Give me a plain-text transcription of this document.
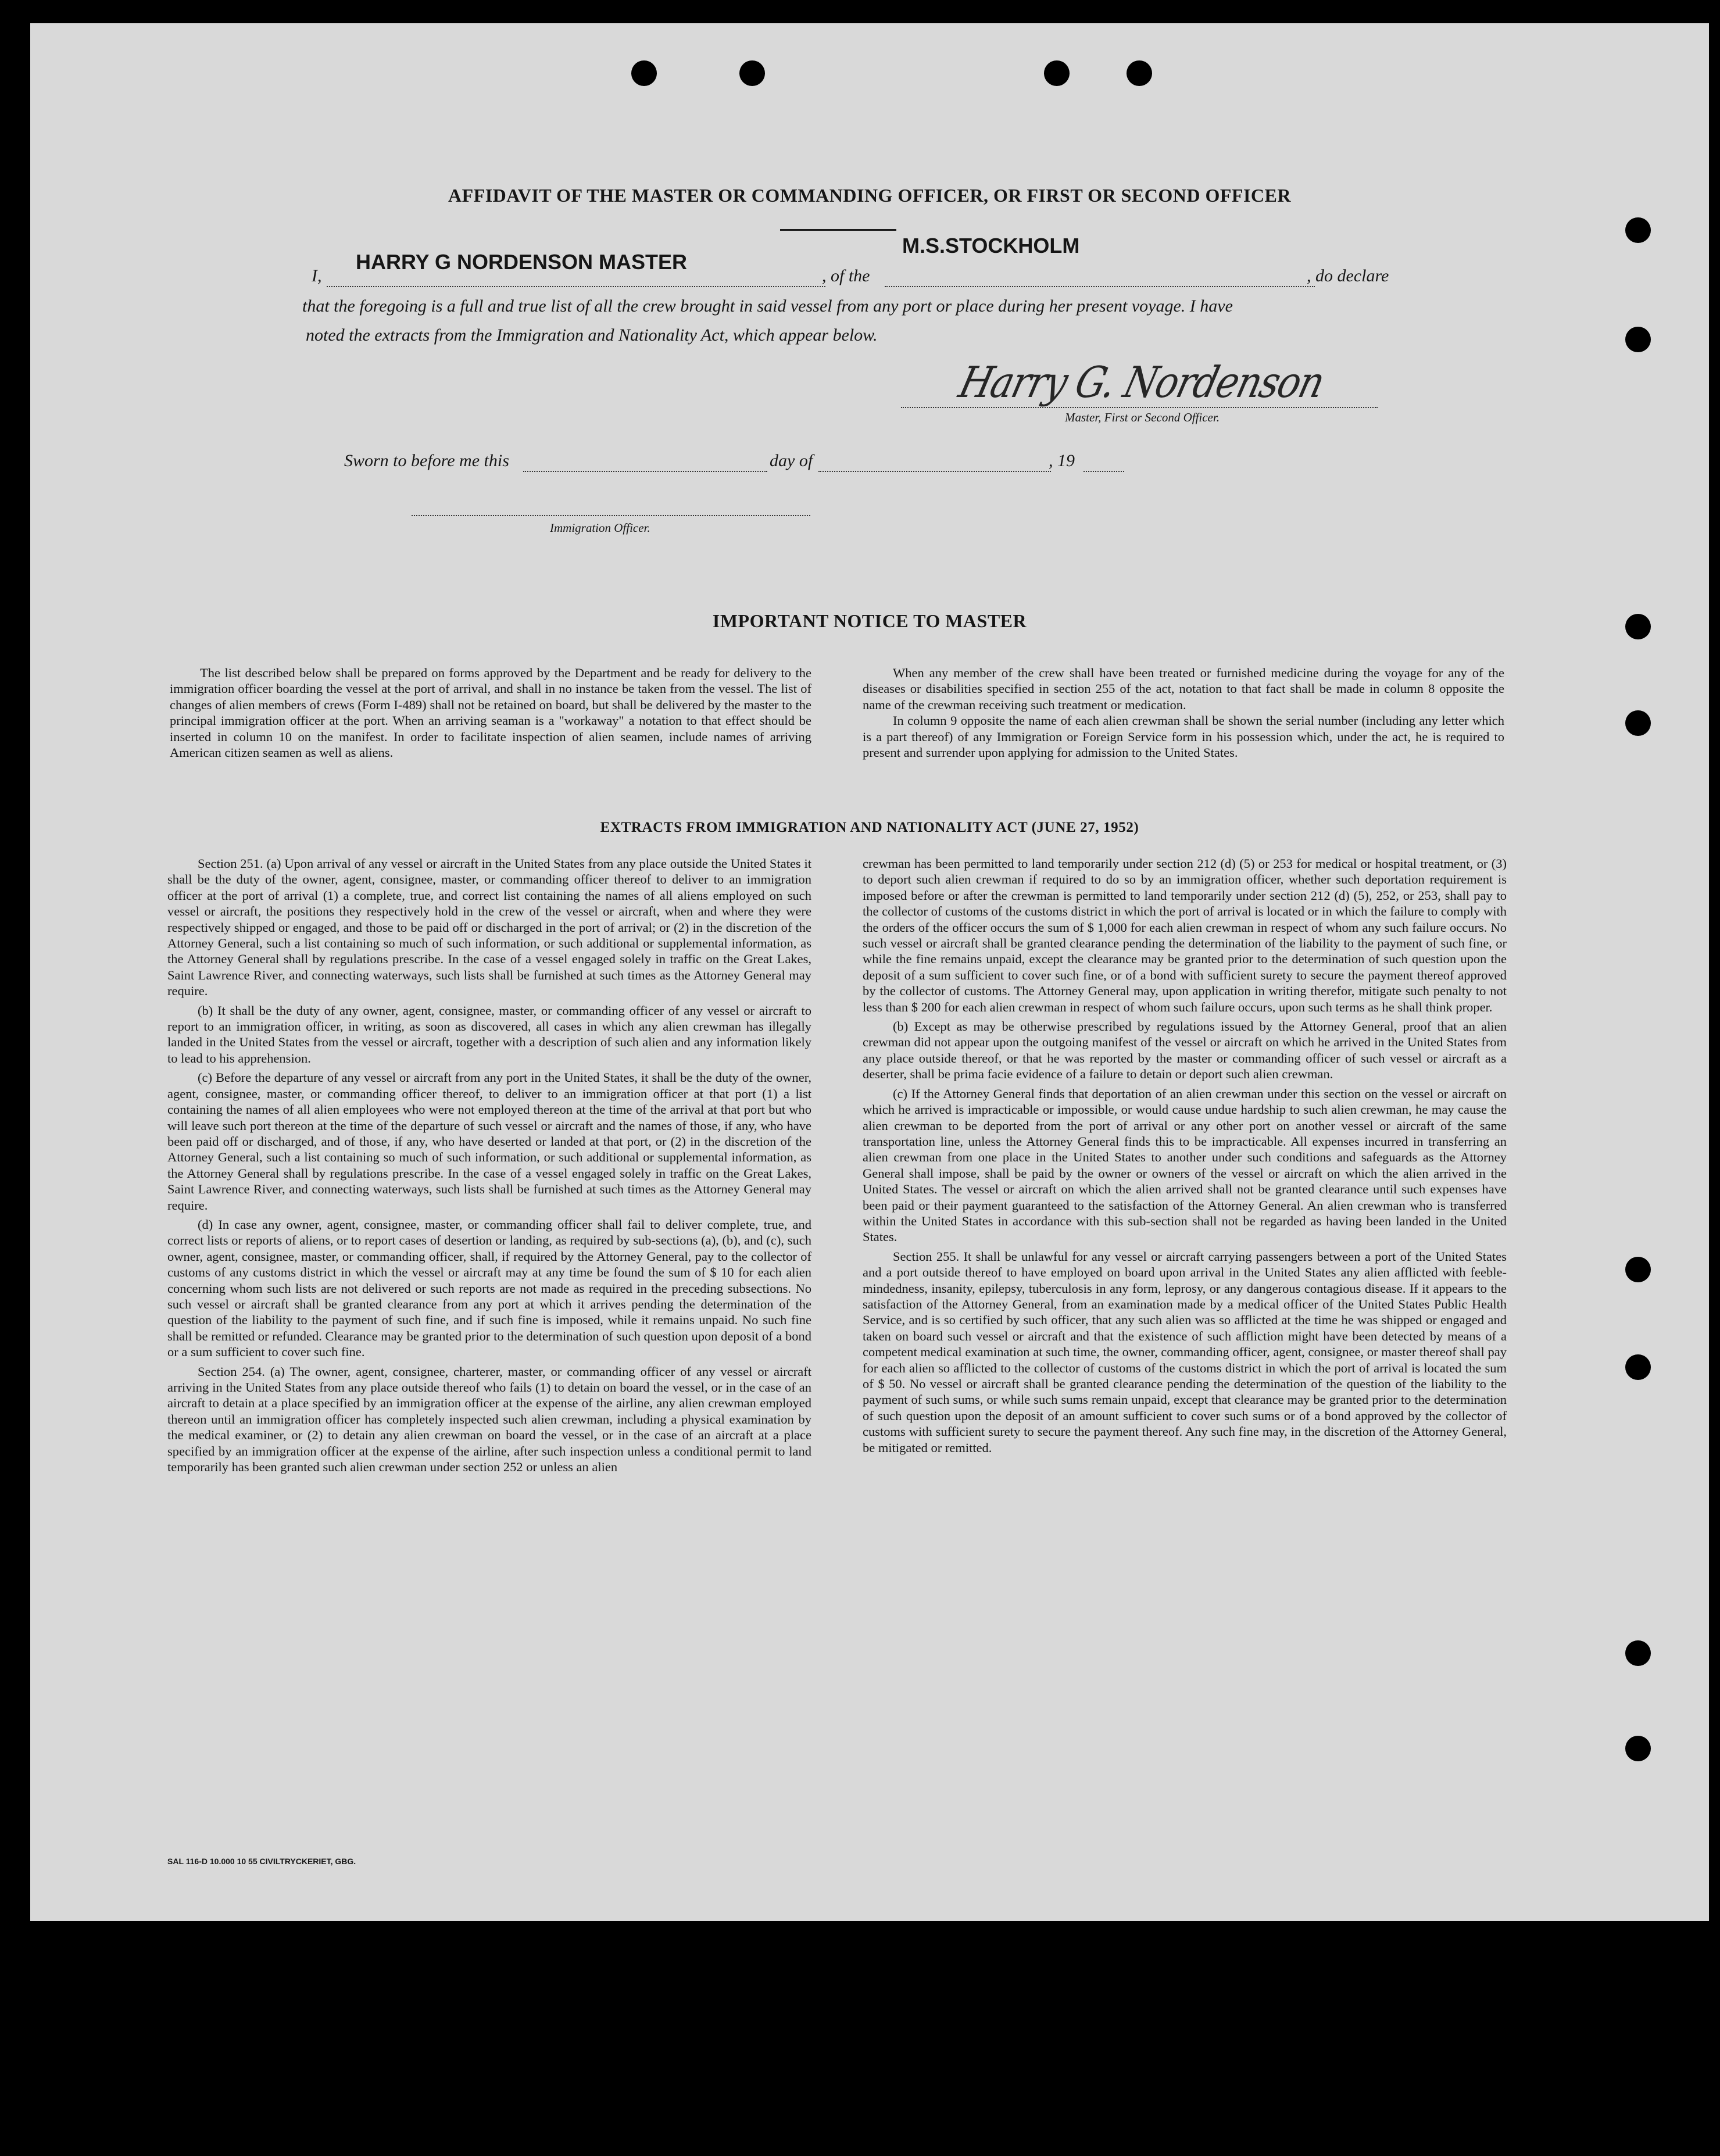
AFFIDAVIT OF THE MASTER OR COMMANDING OFFICER, OR FIRST OR SECOND OFFICER
I,
HARRY G NORDENSON MASTER
, of the
M.S.STOCKHOLM
, do declare
that the foregoing is a full and true list of all the crew brought in said vessel from any port or place during her present voyage. I have
noted the extracts from the Immigration and Nationality Act, which appear below.
Harry G. Nordenson
Master, First or Second Officer.
Sworn to before me this	day of	, 19
Immigration Officer.
IMPORTANT NOTICE TO MASTER

The list described below shall be prepared on forms approved by the Department and be ready for delivery to the immigration officer boarding the vessel at the port of arrival, and shall in no instance be taken from the vessel. The list of changes of alien members of crews (Form I-489) shall not be retained on board, but shall be delivered by the master to the principal immigration officer at the port. When an arriving seaman is a "workaway" a notation to that effect should be inserted in column 10 on the manifest. In order to facilitate inspection of alien seamen, include names of arriving American citizen seamen as well as aliens.

When any member of the crew shall have been treated or furnished medicine during the voyage for any of the diseases or disabilities specified in section 255 of the act, notation to that fact shall be made in column 8 opposite the name of the crewman receiving such treatment or medication.

In column 9 opposite the name of each alien crewman shall be shown the serial number (including any letter which is a part thereof) of any Immigration or Foreign Service form in his possession which, under the act, he is required to present and surrender upon applying for admission to the United States.

EXTRACTS FROM IMMIGRATION AND NATIONALITY ACT (JUNE 27, 1952)

Section 251. (a) Upon arrival of any vessel or aircraft in the United States from any place outside the United States it shall be the duty of the owner, agent, consignee, master, or commanding officer thereof to deliver to an immigration officer at the port of arrival (1) a complete, true, and correct list containing the names of all aliens employed on such vessel or aircraft, the positions they respectively hold in the crew of the vessel or aircraft, when and where they were respectively shipped or engaged, and those to be paid off or discharged in the port of arrival; or (2) in the discretion of the Attorney General, such a list containing so much of such information, or such additional or supplemental information, as the Attorney General shall by regulations prescribe. In the case of a vessel engaged solely in traffic on the Great Lakes, Saint Lawrence River, and connecting waterways, such lists shall be furnished at such times as the Attorney General may require.

(b) It shall be the duty of any owner, agent, consignee, master, or commanding officer of any vessel or aircraft to report to an immigration officer, in writing, as soon as discovered, all cases in which any alien crewman has illegally landed in the United States from the vessel or aircraft, together with a description of such alien and any information likely to lead to his apprehension.

(c) Before the departure of any vessel or aircraft from any port in the United States, it shall be the duty of the owner, agent, consignee, master, or commanding officer thereof, to deliver to an immigration officer at that port (1) a list containing the names of all alien employees who were not employed thereon at the time of the arrival at that port but who will leave such port thereon at the time of the departure of such vessel or aircraft and the names of those, if any, who have been paid off or discharged, and of those, if any, who have deserted or landed at that port, or (2) in the discretion of the Attorney General, such a list containing so much of such information, or such additional or supplemental information, as the Attorney General shall by regulations prescribe. In the case of a vessel engaged solely in traffic on the Great Lakes, Saint Lawrence River, and connecting waterways, such lists shall be furnished at such times as the Attorney General may require.

(d) In case any owner, agent, consignee, master, or commanding officer shall fail to deliver complete, true, and correct lists or reports of aliens, or to report cases of desertion or landing, as required by sub-sections (a), (b), and (c), such owner, agent, consignee, master, or commanding officer, shall, if required by the Attorney General, pay to the collector of customs of any customs district in which the vessel or aircraft may at any time be found the sum of $ 10 for each alien concerning whom such lists are not delivered or such reports are not made as required in the preceding subsections. No such vessel or aircraft shall be granted clearance from any port at which it arrives pending the determination of the question of the liability to the payment of such fine, and if such fine is imposed, while it remains unpaid. No such fine shall be remitted or refunded. Clearance may be granted prior to the determination of such question upon deposit of a bond or a sum sufficient to cover such fine.

Section 254. (a) The owner, agent, consignee, charterer, master, or commanding officer of any vessel or aircraft arriving in the United States from any place outside thereof who fails (1) to detain on board the vessel, or in the case of an aircraft to detain at a place specified by an immigration officer at the expense of the airline, any alien crewman employed thereon until an immigration officer has completely inspected such alien crewman, including a physical examination by the medical examiner, or (2) to detain any alien crewman on board the vessel, or in the case of an aircraft at a place specified by an immigration officer at the expense of the airline, after such inspection unless a conditional permit to land temporarily has been granted such alien crewman under section 252 or unless an alien

crewman has been permitted to land temporarily under section 212 (d) (5) or 253 for medical or hospital treatment, or (3) to deport such alien crewman if required to do so by an immigration officer, whether such deportation requirement is imposed before or after the crewman is permitted to land temporarily under section 212 (d) (5), 252, or 253, shall pay to the collector of customs of the customs district in which the port of arrival is located or in which the failure to comply with the orders of the officer occurs the sum of $ 1,000 for each alien crewman in respect of whom any such failure occurs. No such vessel or aircraft shall be granted clearance pending the determination of the liability to the payment of such fine, or while the fine remains unpaid, except the clearance may be granted prior to the determination of such question upon the deposit of a sum sufficient to cover such fine, or of a bond with sufficient surety to secure the payment thereof approved by the collector of customs. The Attorney General may, upon application in writing therefor, mitigate such penalty to not less than $ 200 for each alien crewman in respect of whom such failure occurs, upon such terms as he shall think proper.

(b) Except as may be otherwise prescribed by regulations issued by the Attorney General, proof that an alien crewman did not appear upon the outgoing manifest of the vessel or aircraft on which he arrived in the United States from any place outside thereof, or that he was reported by the master or commanding officer of such vessel or aircraft as a deserter, shall be prima facie evidence of a failure to detain or deport such alien crewman.

(c) If the Attorney General finds that deportation of an alien crewman under this section on the vessel or aircraft on which he arrived is impracticable or impossible, or would cause undue hardship to such alien crewman, he may cause the alien crewman to be deported from the port of arrival or any other port on another vessel or aircraft of the same transportation line, unless the Attorney General finds this to be impracticable. All expenses incurred in transferring an alien crewman from one place in the United States to another under such conditions and safeguards as the Attorney General shall impose, shall be paid by the owner or owners of the vessel or aircraft on which the alien arrived in the United States. The vessel or aircraft on which the alien arrived shall not be granted clearance until such expenses have been paid or their payment guaranteed to the satisfaction of the Attorney General. An alien crewman who is transferred within the United States in accordance with this sub-section shall not be regarded as having been landed in the United States.

Section 255. It shall be unlawful for any vessel or aircraft carrying passengers between a port of the United States and a port outside thereof to have employed on board upon arrival in the United States any alien afflicted with feeble-mindedness, insanity, epilepsy, tuberculosis in any form, leprosy, or any dangerous contagious disease. If it appears to the satisfaction of the Attorney General, from an examination made by a medical officer of the United States Public Health Service, and is so certified by such officer, that any such alien was so afflicted at the time he was shipped or engaged and taken on board such vessel or aircraft and that the existence of such affliction might have been detected by means of a competent medical examination at such time, the owner, commanding officer, agent, consignee, or master thereof shall pay for each alien so afflicted to the collector of customs of the customs district in which the port of arrival is located the sum of $ 50. No vessel or aircraft shall be granted clearance pending the determination of the question of the liability to the payment of such sums, or while such sums remain unpaid, except that clearance may be granted prior to the determination of such question upon the deposit of an amount sufficient to cover such sums or of a bond approved by the collector of customs with sufficient surety to secure the payment thereof. Any such fine may, in the discretion of the Attorney General, be mitigated or remitted.

SAL 116-D 10.000 10 55 CIVILTRYCKERIET, GBG.
